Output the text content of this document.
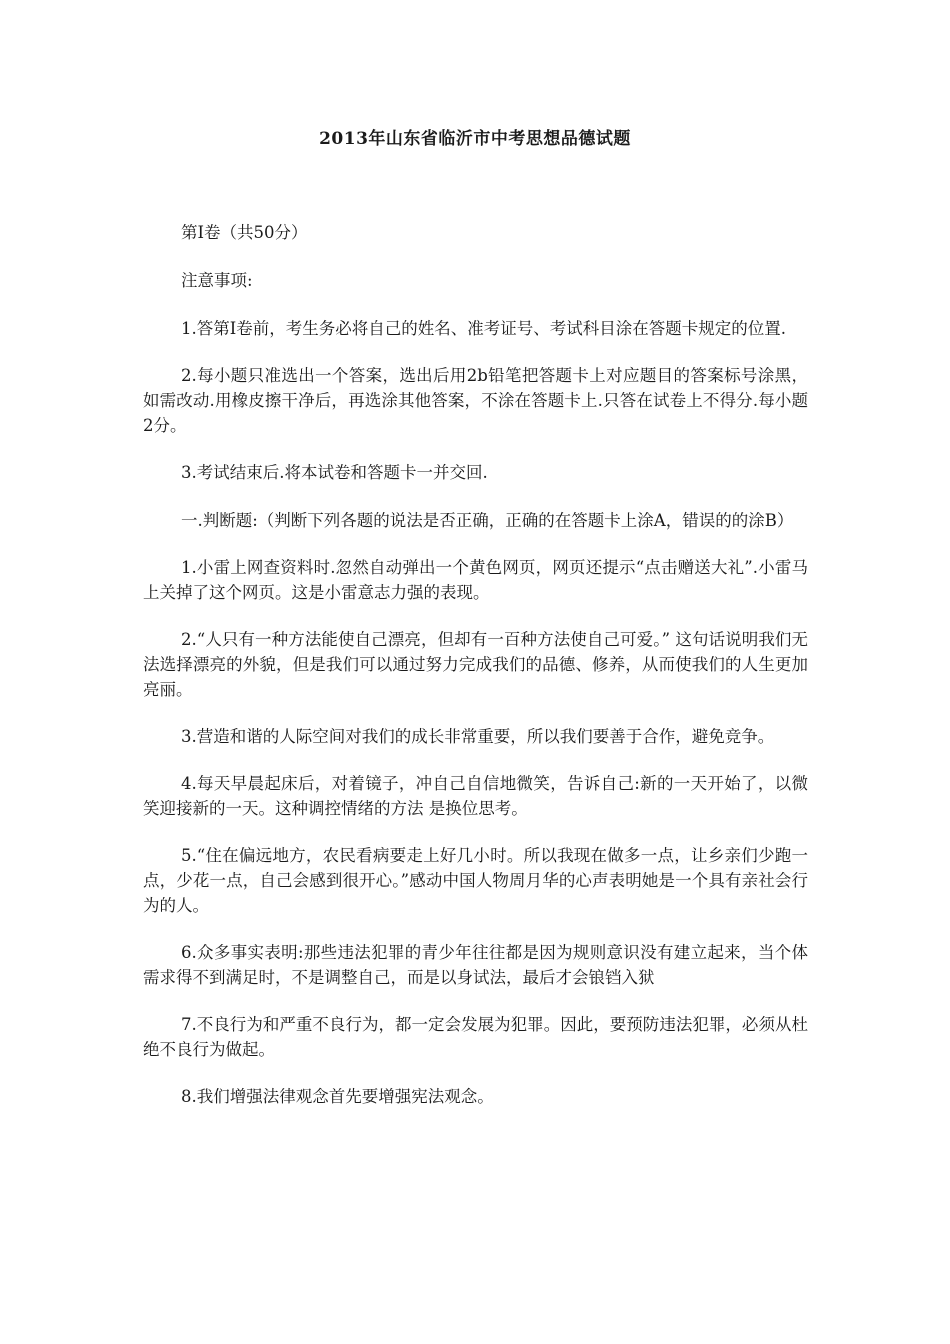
2013年山东省临沂市中考思想品德试题

第I卷（共50分）

注意事项:

1.答第I卷前，考生务必将自己的姓名、准考证号、考试科目涂在答题卡规定的位置.

2.每小题只准选出一个答案，选出后用2b铅笔把答题卡上对应题目的答案标号涂黑，如需改动.用橡皮擦干净后，再选涂其他答案，不涂在答题卡上.只答在试卷上不得分.每小题2分。

3.考试结束后.将本试卷和答题卡一并交回.

一.判断题:（判断下列各题的说法是否正确，正确的在答题卡上涂A，错误的的涂B）

1.小雷上网查资料时.忽然自动弹出一个黄色网页，网页还提示“点击赠送大礼”.小雷马上关掉了这个网页。这是小雷意志力强的表现。

2.“人只有一种方法能使自己漂亮，但却有一百种方法使自己可爱。” 这句话说明我们无法选择漂亮的外貌，但是我们可以通过努力完成我们的品德、修养，从而使我们的人生更加亮丽。

3.营造和谐的人际空间对我们的成长非常重要，所以我们要善于合作，避免竞争。

4.每天早晨起床后，对着镜子，冲自己自信地微笑，告诉自己:新的一天开始了，以微笑迎接新的一天。这种调控情绪的方法 是换位思考。

5.“住在偏远地方，农民看病要走上好几小时。所以我现在做多一点，让乡亲们少跑一点，少花一点，自己会感到很开心。”感动中国人物周月华的心声表明她是一个具有亲社会行为的人。

6.众多事实表明:那些违法犯罪的青少年往往都是因为规则意识没有建立起来，当个体需求得不到满足时，不是调整自己，而是以身试法，最后才会锒铛入狱

7.不良行为和严重不良行为，都一定会发展为犯罪。因此，要预防违法犯罪，必须从杜绝不良行为做起。

8.我们增强法律观念首先要增强宪法观念。
